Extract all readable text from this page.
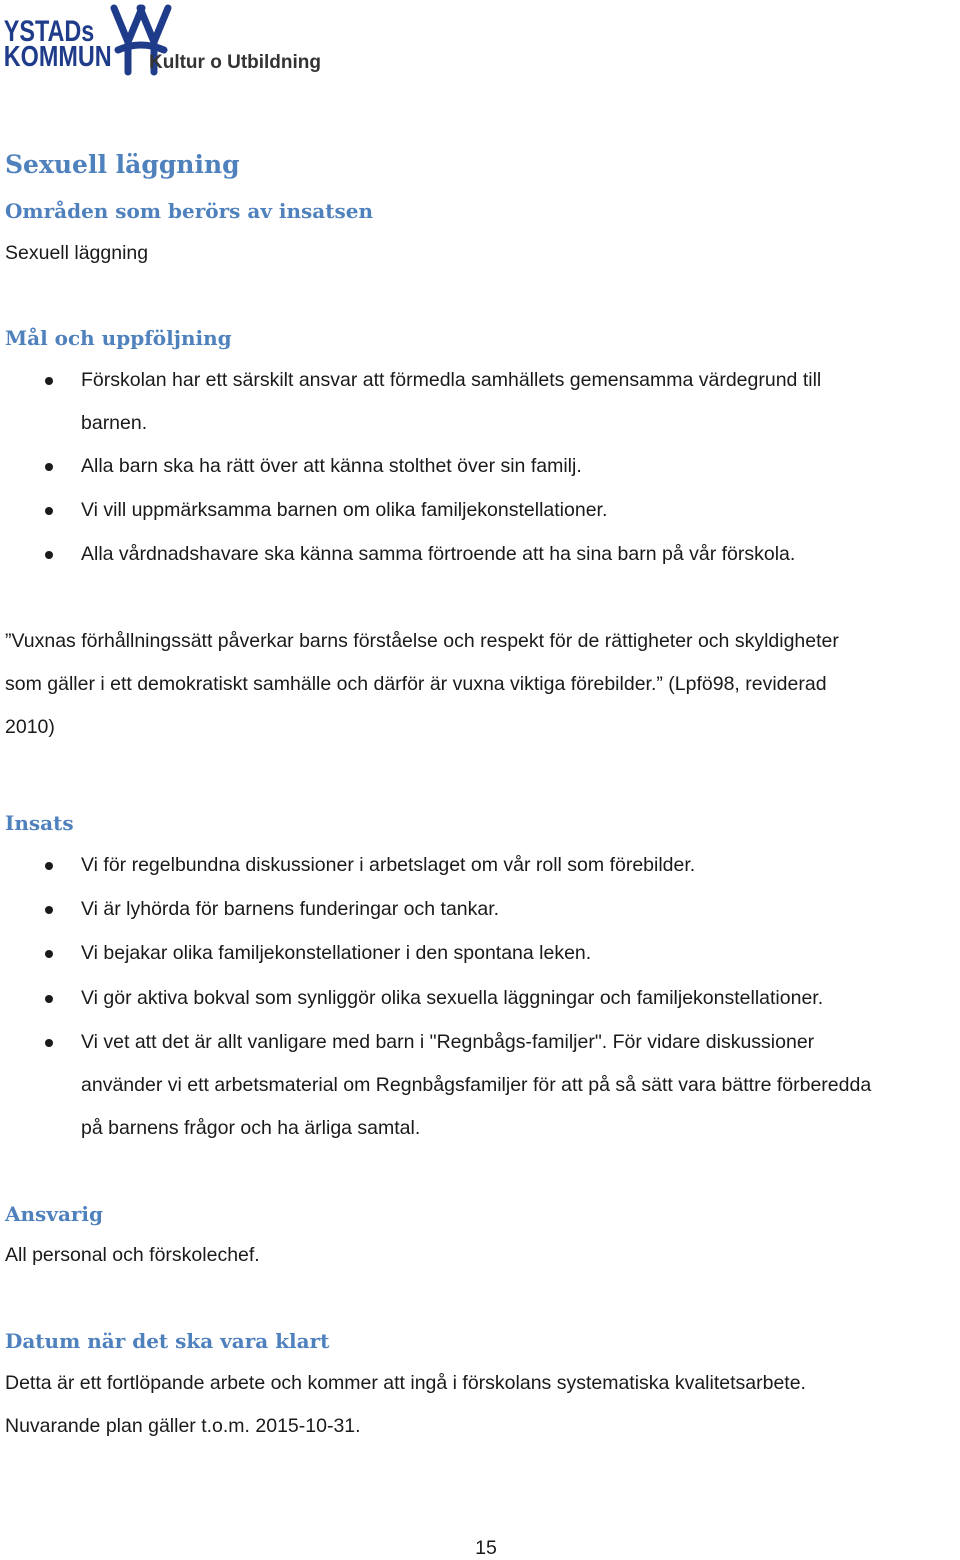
YSTADs
KOMMUN Kultur o Utbildning
Sexuell läggning
Områden som berörs av insatsen

Sexuell läggning

Mål och uppföljning
Förskolan har ett särskilt ansvar att förmedla samhällets gemensamma värdegrund till
barnen.
Alla barn ska ha rätt över att känna stolthet över sin familj.
Vi vill uppmärksamma barnen om olika familjekonstellationer.
Alla vårdnadshavare ska känna samma förtroende att ha sina barn på vår förskola.

”Vuxnas förhållningssätt påverkar barns förståelse och respekt för de rättigheter och skyldigheter

som gäller i ett demokratiskt samhälle och därför är vuxna viktiga förebilder.” (Lpfö98, reviderad

2010)

Insats
Vi för regelbundna diskussioner i arbetslaget om vår roll som förebilder.
Vi är lyhörda för barnens funderingar och tankar.
Vi bejakar olika familjekonstellationer i den spontana leken.
Vi gör aktiva bokval som synliggör olika sexuella läggningar och familjekonstellationer.
Vi vet att det är allt vanligare med barn i "Regnbågs-familjer". För vidare diskussioner
använder vi ett arbetsmaterial om Regnbågsfamiljer för att på så sätt vara bättre förberedda
på barnens frågor och ha ärliga samtal.
Ansvarig

All personal och förskolechef.

Datum när det ska vara klart

Detta är ett fortlöpande arbete och kommer att ingå i förskolans systematiska kvalitetsarbete.

Nuvarande plan gäller t.o.m. 2015-10-31.

15
